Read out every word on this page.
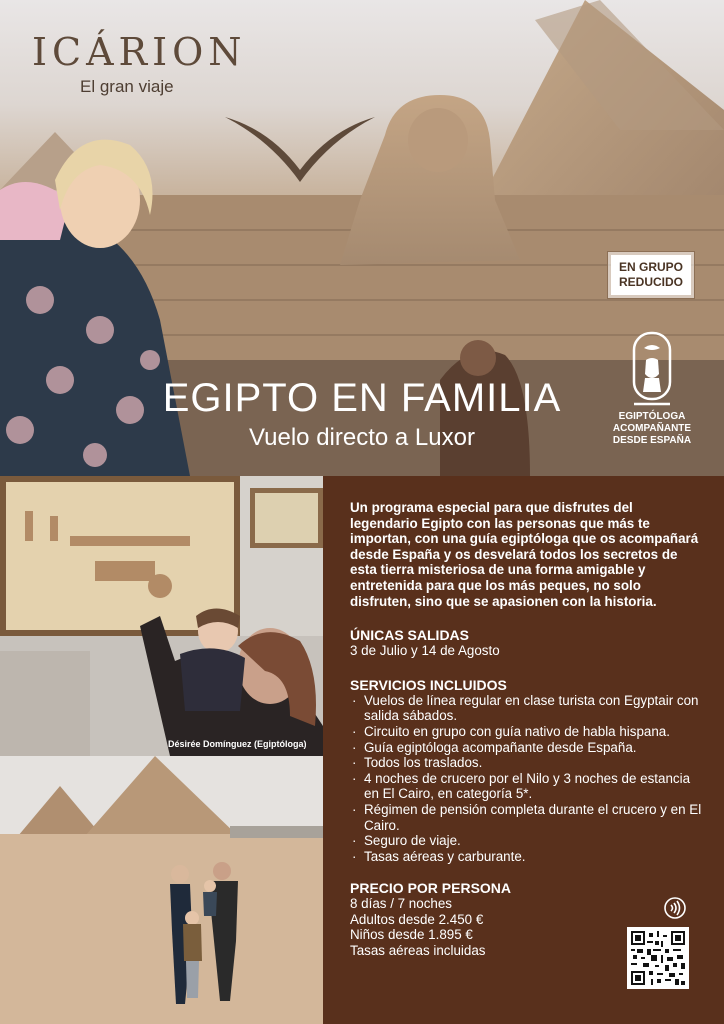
ICÁRION
El gran viaje
EN GRUPO
REDUCIDO
EGIPTÓLOGA
ACOMPAÑANTE
DESDE ESPAÑA
EGIPTO EN FAMILIA
Vuelo directo a Luxor
Désirée Domínguez (Egiptóloga)

Un programa especial para que disfrutes del legendario Egipto con las personas que más te importan, con una guía egiptóloga que os acompañará desde España y os desvelará todos los secretos de esta tierra misteriosa de una forma amigable y entretenida para que los más peques, no solo disfruten, sino que se apasionen con la historia.

ÚNICAS SALIDAS
3 de Julio y 14 de Agosto
SERVICIOS INCLUIDOS
· Vuelos de línea regular en clase turista con Egyptair con salida sábados.
· Circuito en grupo con guía nativo de habla hispana.
· Guía egiptóloga acompañante desde España.
· Todos los traslados.
· 4 noches de crucero por el Nilo y 3 noches de estancia en El Cairo, en categoría 5*.
· Régimen de pensión completa durante el crucero y en El Cairo.
· Seguro de viaje.
· Tasas aéreas y carburante.
PRECIO POR PERSONA
8 días / 7 noches
Adultos desde 2.450 €
Niños desde 1.895 €
Tasas aéreas incluidas
